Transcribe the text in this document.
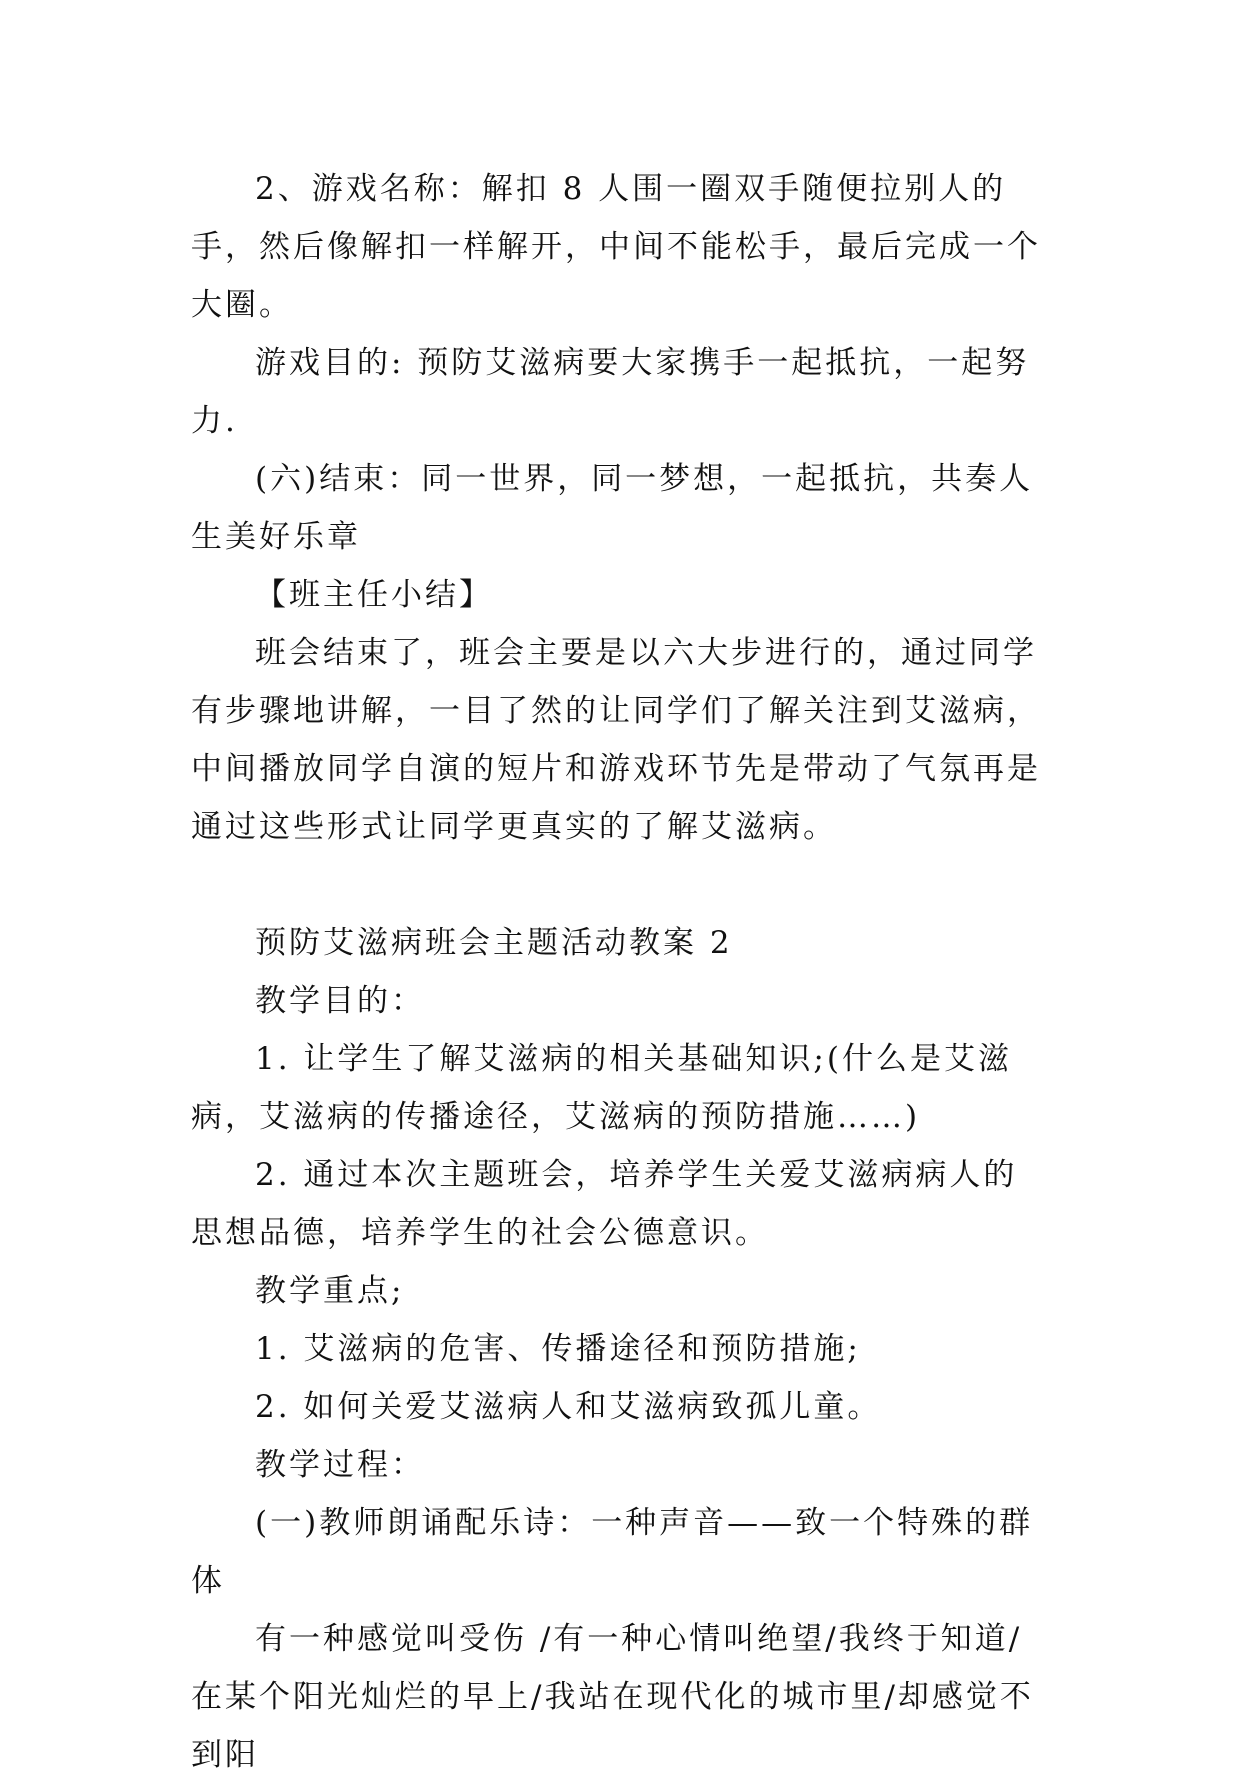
2、游戏名称：解扣 8 人围一圈双手随便拉别人的手，然后像解扣一样解开，中间不能松手，最后完成一个大圈。

游戏目的: 预防艾滋病要大家携手一起抵抗，一起努力.

(六)结束：同一世界，同一梦想，一起抵抗，共奏人生美好乐章

【班主任小结】

班会结束了，班会主要是以六大步进行的，通过同学有步骤地讲解，一目了然的让同学们了解关注到艾滋病，中间播放同学自演的短片和游戏环节先是带动了气氛再是通过这些形式让同学更真实的了解艾滋病。

预防艾滋病班会主题活动教案 2

教学目的：

1. 让学生了解艾滋病的相关基础知识;(什么是艾滋病，艾滋病的传播途径，艾滋病的预防措施……)

2. 通过本次主题班会，培养学生关爱艾滋病病人的思想品德，培养学生的社会公德意识。

教学重点;

1. 艾滋病的危害、传播途径和预防措施;

2. 如何关爱艾滋病人和艾滋病致孤儿童。

教学过程：

(一)教师朗诵配乐诗：一种声音——致一个特殊的群体

有一种感觉叫受伤 /有一种心情叫绝望/我终于知道/在某个阳光灿烂的早上/我站在现代化的城市里/却感觉不到阳
